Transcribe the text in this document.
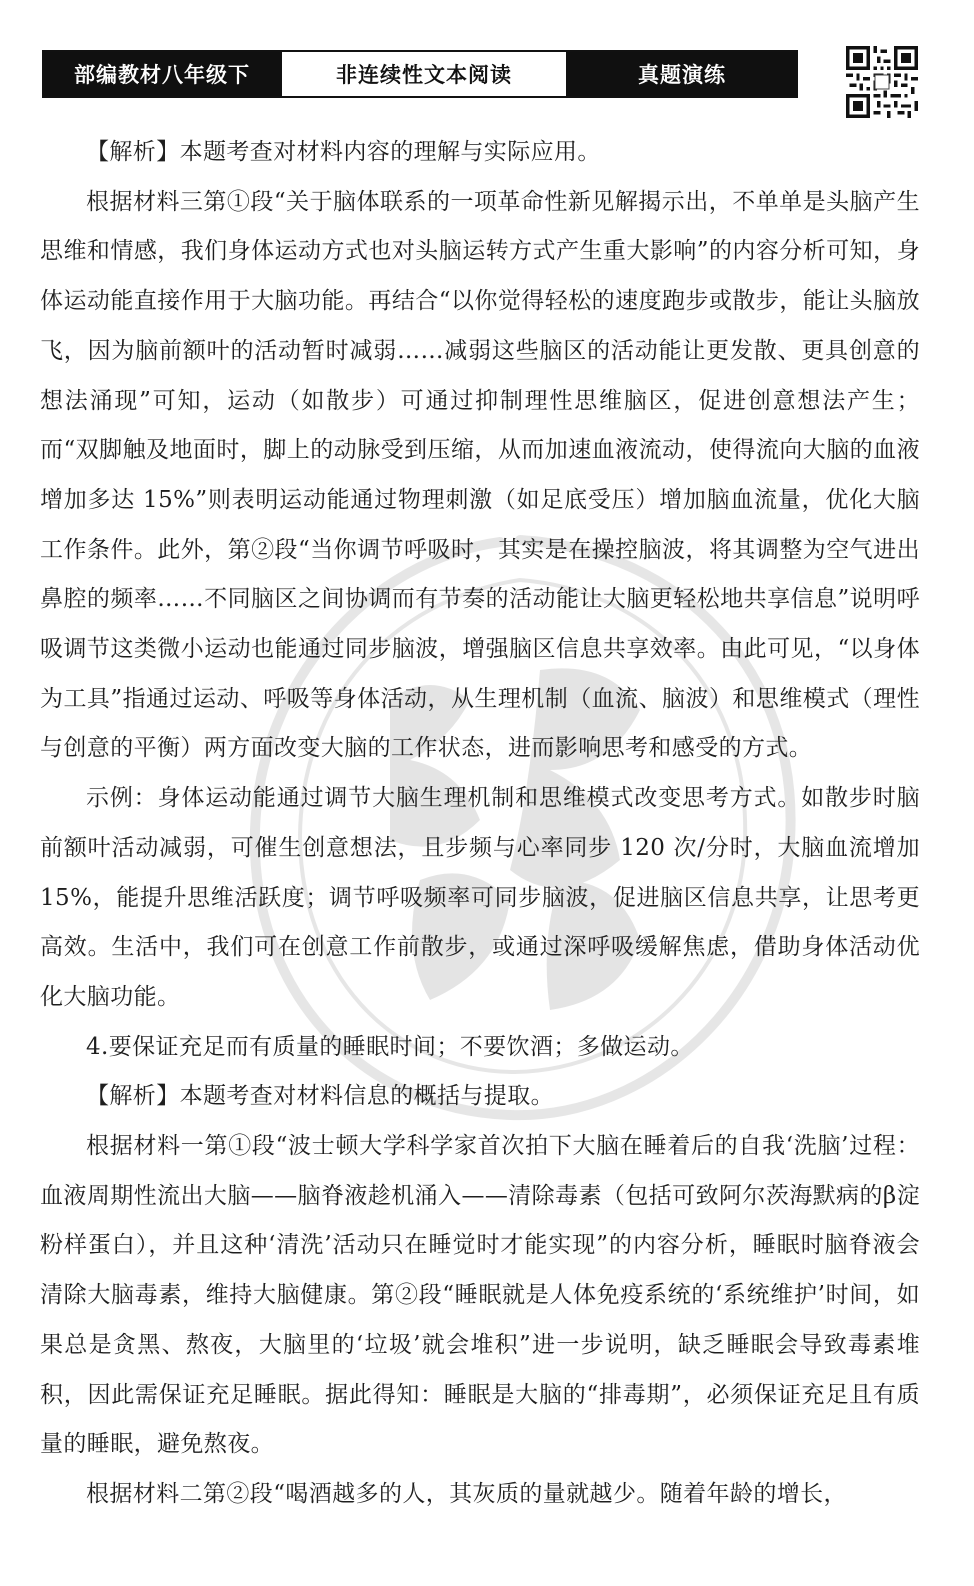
部编教材八年级下	非连续性文本阅读	真题演练

【解析】本题考查对材料内容的理解与实际应用。

根据材料三第①段“关于脑体联系的一项革命性新见解揭示出，不单单是头脑产生思维和情感，我们身体运动方式也对头脑运转方式产生重大影响”的内容分析可知，身体运动能直接作用于大脑功能。再结合“以你觉得轻松的速度跑步或散步，能让头脑放飞，因为脑前额叶的活动暂时减弱……减弱这些脑区的活动能让更发散、更具创意的想法涌现”可知，运动（如散步）可通过抑制理性思维脑区，促进创意想法产生；而“双脚触及地面时，脚上的动脉受到压缩，从而加速血液流动，使得流向大脑的血液增加多达 15%”则表明运动能通过物理刺激（如足底受压）增加脑血流量，优化大脑工作条件。此外，第②段“当你调节呼吸时，其实是在操控脑波，将其调整为空气进出鼻腔的频率……不同脑区之间协调而有节奏的活动能让大脑更轻松地共享信息”说明呼吸调节这类微小运动也能通过同步脑波，增强脑区信息共享效率。由此可见，“以身体为工具”指通过运动、呼吸等身体活动，从生理机制（血流、脑波）和思维模式（理性与创意的平衡）两方面改变大脑的工作状态，进而影响思考和感受的方式。

示例：身体运动能通过调节大脑生理机制和思维模式改变思考方式。如散步时脑前额叶活动减弱，可催生创意想法，且步频与心率同步 120 次/分时，大脑血流增加 15%，能提升思维活跃度；调节呼吸频率可同步脑波，促进脑区信息共享，让思考更高效。生活中，我们可在创意工作前散步，或通过深呼吸缓解焦虑，借助身体活动优化大脑功能。

4.要保证充足而有质量的睡眠时间；不要饮酒；多做运动。

【解析】本题考查对材料信息的概括与提取。

根据材料一第①段“波士顿大学科学家首次拍下大脑在睡着后的自我‘洗脑’过程：血液周期性流出大脑——脑脊液趁机涌入——清除毒素（包括可致阿尔茨海默病的β淀粉样蛋白），并且这种‘清洗’活动只在睡觉时才能实现”的内容分析，睡眠时脑脊液会清除大脑毒素，维持大脑健康。第②段“睡眠就是人体免疫系统的‘系统维护’时间，如果总是贪黑、熬夜，大脑里的‘垃圾’就会堆积”进一步说明，缺乏睡眠会导致毒素堆积，因此需保证充足睡眠。据此得知：睡眠是大脑的“排毒期”，必须保证充足且有质量的睡眠，避免熬夜。

根据材料二第②段“喝酒越多的人，其灰质的量就越少。随着年龄的增长，
